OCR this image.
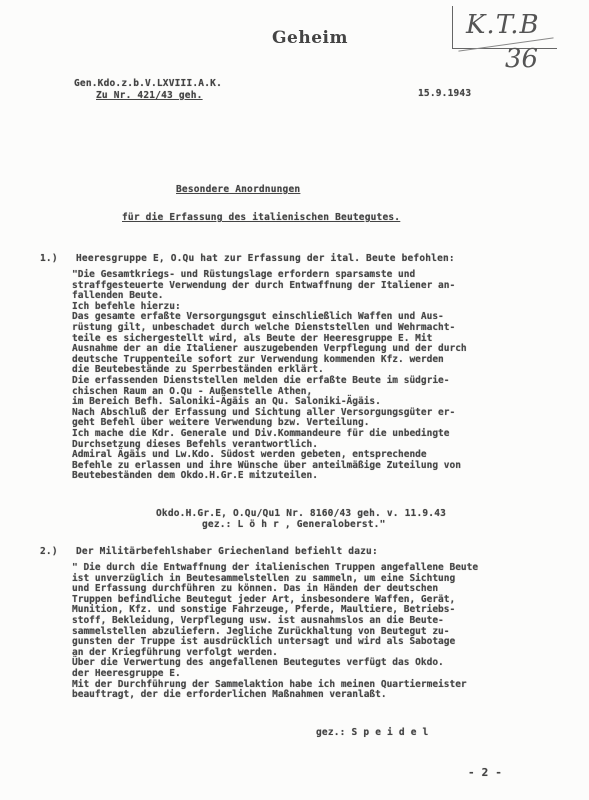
K.T.B
36
Geheim
Gen.Kdo.z.b.V.LXVIII.A.K.
Zu Nr. 421/43 geh.	15.9.1943
Besondere Anordnungen
für die Erfassung des italienischen Beutegutes.
1.) Heeresgruppe E, O.Qu hat zur Erfassung der ital. Beute befohlen:
"Die Gesamtkriegs- und Rüstungslage erfordern sparsamste und
straffgesteuerte Verwendung der durch Entwaffnung der Italiener an-
fallenden Beute.
Ich befehle hierzu:
Das gesamte erfaßte Versorgungsgut einschließlich Waffen und Aus-
rüstung gilt, unbeschadet durch welche Dienststellen und Wehrmacht-
teile es sichergestellt wird, als Beute der Heeresgruppe E. Mit
Ausnahme der an die Italiener auszugebenden Verpflegung und der durch
deutsche Truppenteile sofort zur Verwendung kommenden Kfz. werden
die Beutebestände zu Sperrbeständen erklärt.
Die erfassenden Dienststellen melden die erfaßte Beute im südgrie-
chischen Raum an O.Qu - Außenstelle Athen,
im Bereich Befh. Saloniki-Ägäis an Qu. Saloniki-Ägäis.
Nach Abschluß der Erfassung und Sichtung aller Versorgungsgüter er-
geht Befehl über weitere Verwendung bzw. Verteilung.
Ich mache die Kdr. Generale und Div.Kommandeure für die unbedingte
Durchsetzung dieses Befehls verantwortlich.
Admiral Ägäis und Lw.Kdo. Südost werden gebeten, entsprechende
Befehle zu erlassen und ihre Wünsche über anteilmäßige Zuteilung von
Beutebeständen dem Okdo.H.Gr.E mitzuteilen.
Okdo.H.Gr.E, O.Qu/Qu1 Nr. 8160/43 geh. v. 11.9.43
gez.: L ö h r , Generaloberst."
2.) Der Militärbefehlshaber Griechenland befiehlt dazu:
" Die durch die Entwaffnung der italienischen Truppen angefallene Beute
ist unverzüglich in Beutesammelstellen zu sammeln, um eine Sichtung
und Erfassung durchführen zu können. Das in Händen der deutschen
Truppen befindliche Beutegut jeder Art, insbesondere Waffen, Gerät,
Munition, Kfz. und sonstige Fahrzeuge, Pferde, Maultiere, Betriebs-
stoff, Bekleidung, Verpflegung usw. ist ausnahmslos an die Beute-
sammelstellen abzuliefern. Jegliche Zurückhaltung von Beutegut zu-
gunsten der Truppe ist ausdrücklich untersagt und wird als Sabotage
an der Kriegführung verfolgt werden.
Über die Verwertung des angefallenen Beutegutes verfügt das Okdo.
der Heeresgruppe E.
Mit der Durchführung der Sammelaktion habe ich meinen Quartiermeister
beauftragt, der die erforderlichen Maßnahmen veranlaßt.
gez.: S p e i d e l
- 2 -
